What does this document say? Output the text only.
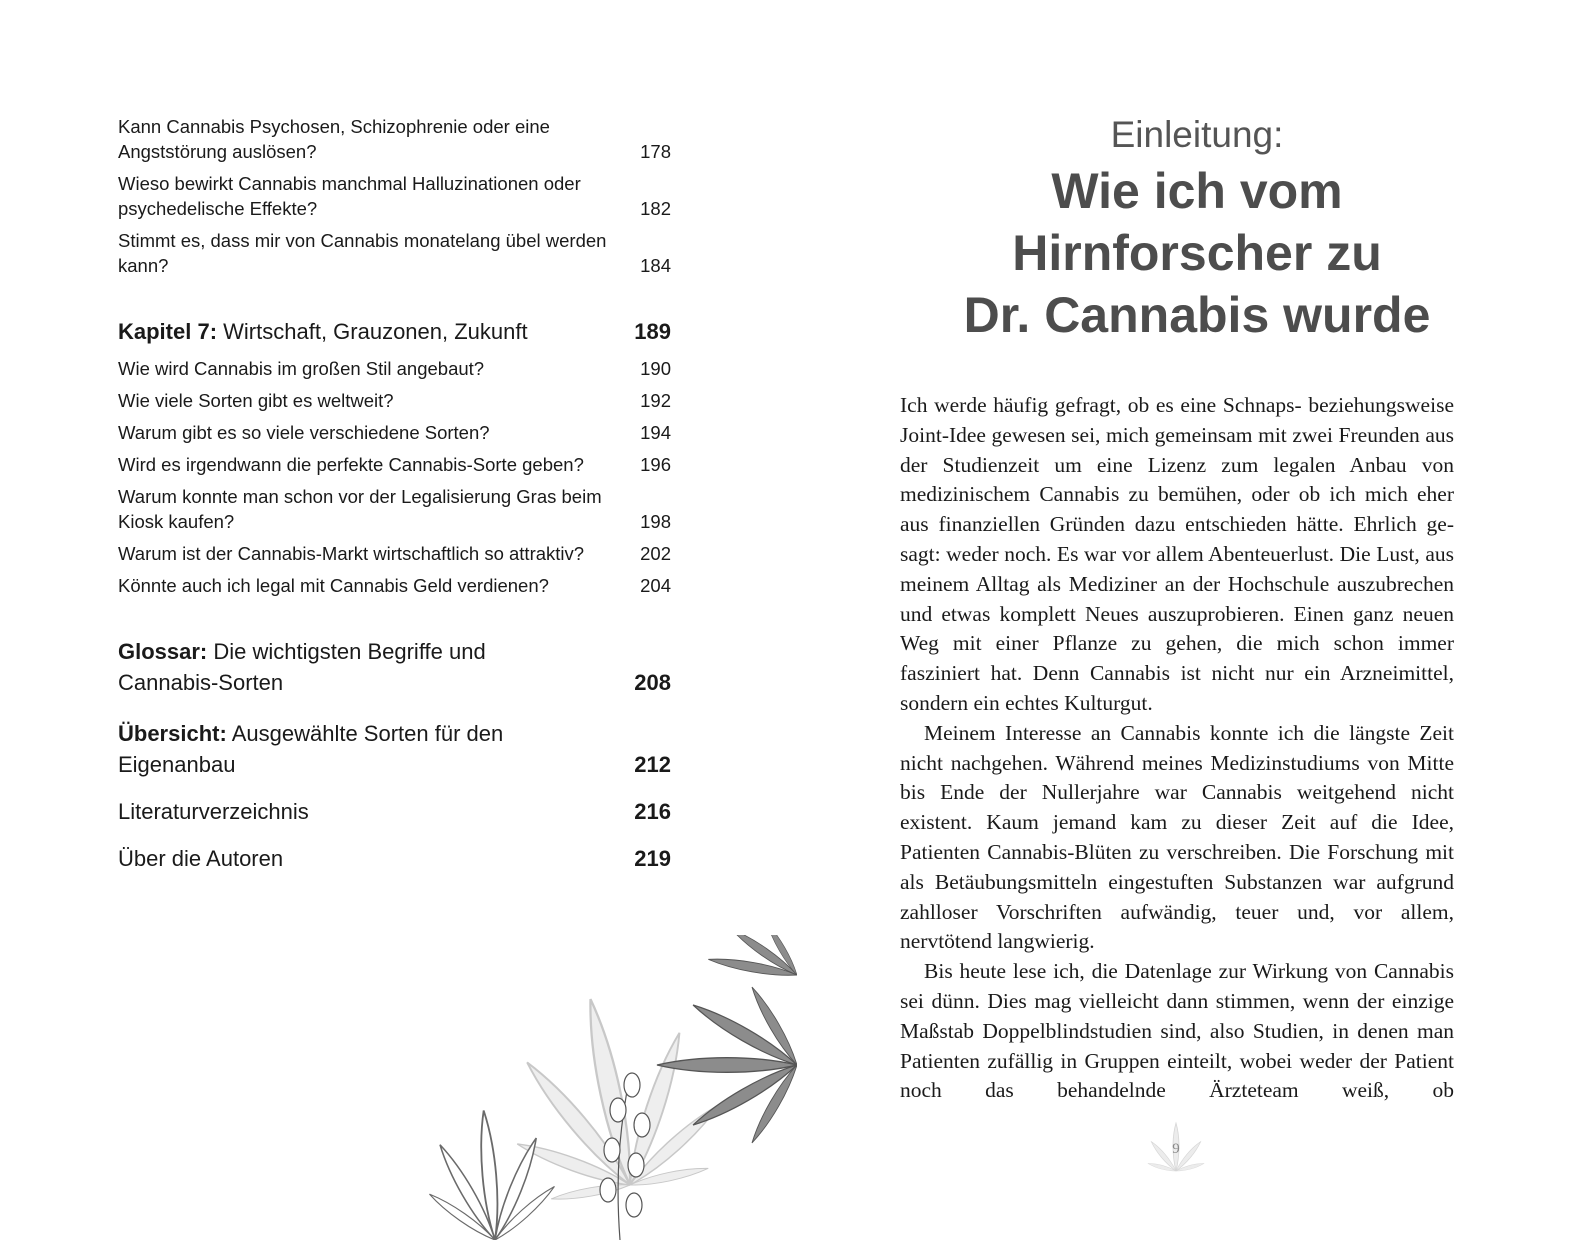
Kann Cannabis Psychosen, Schizophrenie oder eine Angststörung auslösen?	178
Wieso bewirkt Cannabis manchmal Halluzinationen oder psychedelische Effekte?	182
Stimmt es, dass mir von Cannabis monatelang übel werden kann?	184
Kapitel 7: Wirtschaft, Grauzonen, Zukunft	189
Wie wird Cannabis im großen Stil angebaut?	190
Wie viele Sorten gibt es weltweit?	192
Warum gibt es so viele verschiedene Sorten?	194
Wird es irgendwann die perfekte Cannabis-Sorte geben?	196
Warum konnte man schon vor der Legalisierung Gras beim Kiosk kaufen?	198
Warum ist der Cannabis-Markt wirtschaftlich so attraktiv?	202
Könnte auch ich legal mit Cannabis Geld verdienen?	204
Glossar: Die wichtigsten Begriffe und Cannabis-Sorten	208
Übersicht: Ausgewählte Sorten für den Eigenanbau	212
Literaturverzeichnis	216
Über die Autoren	219
Einleitung:
Wie ich vom
Hirnforscher zu
Dr. Cannabis wurde

Ich werde häufig gefragt, ob es eine Schnaps- beziehungsweise Joint-Idee gewesen sei, mich gemeinsam mit zwei Freunden aus der Studienzeit um eine Lizenz zum legalen Anbau von medizinischem Cannabis zu bemühen, oder ob ich mich eher aus finanziellen Gründen dazu entschieden hätte. Ehrlich gesagt: weder noch. Es war vor allem Abenteuerlust. Die Lust, aus meinem Alltag als Mediziner an der Hochschule auszubrechen und etwas komplett Neues auszuprobieren. Einen ganz neuen Weg mit einer Pflanze zu gehen, die mich schon immer fasziniert hat. Denn Cannabis ist nicht nur ein Arzneimittel, sondern ein echtes Kulturgut.

Meinem Interesse an Cannabis konnte ich die längste Zeit nicht nachgehen. Während meines Medizinstudiums von Mitte bis Ende der Nullerjahre war Cannabis weitgehend nicht existent. Kaum jemand kam zu dieser Zeit auf die Idee, Patienten Cannabis-Blüten zu verschreiben. Die Forschung mit als Betäubungsmitteln eingestuften Substanzen war aufgrund zahlloser Vorschriften aufwändig, teuer und, vor allem, nervtötend langwierig.

Bis heute lese ich, die Datenlage zur Wirkung von Cannabis sei dünn. Dies mag vielleicht dann stimmen, wenn der einzige Maßstab Doppelblindstudien sind, also Studien, in denen man Patienten zufällig in Gruppen einteilt, wobei weder der Patient noch das behandelnde Ärzteteam weiß, ob

9
